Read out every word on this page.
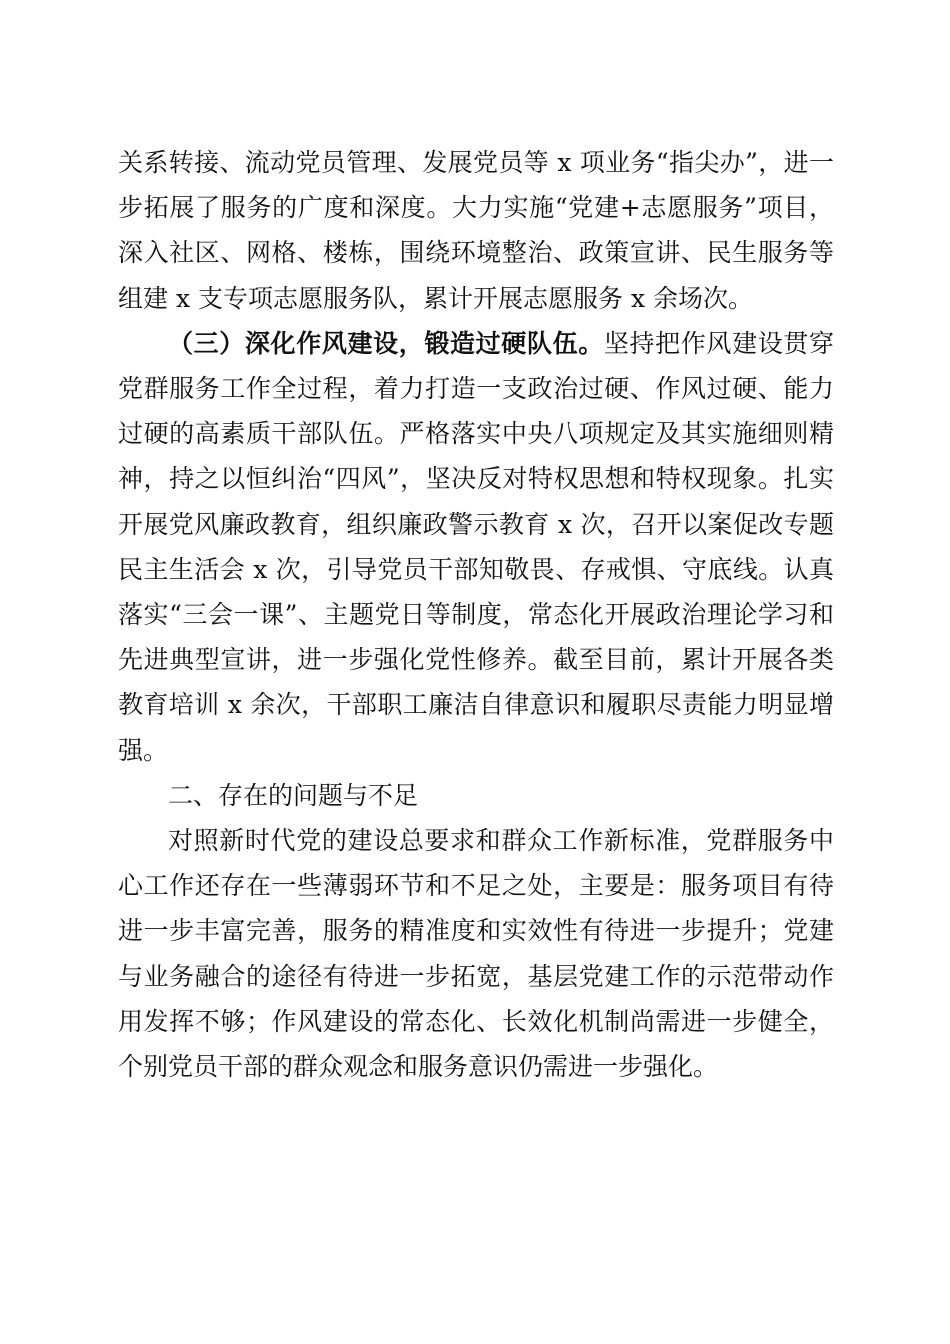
关系转接、流动党员管理、发展党员等 x 项业务“指尖办”，进一步拓展了服务的广度和深度。大力实施“党建+志愿服务”项目，深入社区、网格、楼栋，围绕环境整治、政策宣讲、民生服务等组建 x 支专项志愿服务队，累计开展志愿服务 x 余场次。

（三）深化作风建设，锻造过硬队伍。坚持把作风建设贯穿党群服务工作全过程，着力打造一支政治过硬、作风过硬、能力过硬的高素质干部队伍。严格落实中央八项规定及其实施细则精神，持之以恒纠治“四风”，坚决反对特权思想和特权现象。扎实开展党风廉政教育，组织廉政警示教育 x 次，召开以案促改专题民主生活会 x 次，引导党员干部知敬畏、存戒惧、守底线。认真落实“三会一课”、主题党日等制度，常态化开展政治理论学习和先进典型宣讲，进一步强化党性修养。截至目前，累计开展各类教育培训 x 余次，干部职工廉洁自律意识和履职尽责能力明显增强。

二、存在的问题与不足

对照新时代党的建设总要求和群众工作新标准，党群服务中心工作还存在一些薄弱环节和不足之处，主要是：服务项目有待进一步丰富完善，服务的精准度和实效性有待进一步提升；党建与业务融合的途径有待进一步拓宽，基层党建工作的示范带动作用发挥不够；作风建设的常态化、长效化机制尚需进一步健全，个别党员干部的群众观念和服务意识仍需进一步强化。
